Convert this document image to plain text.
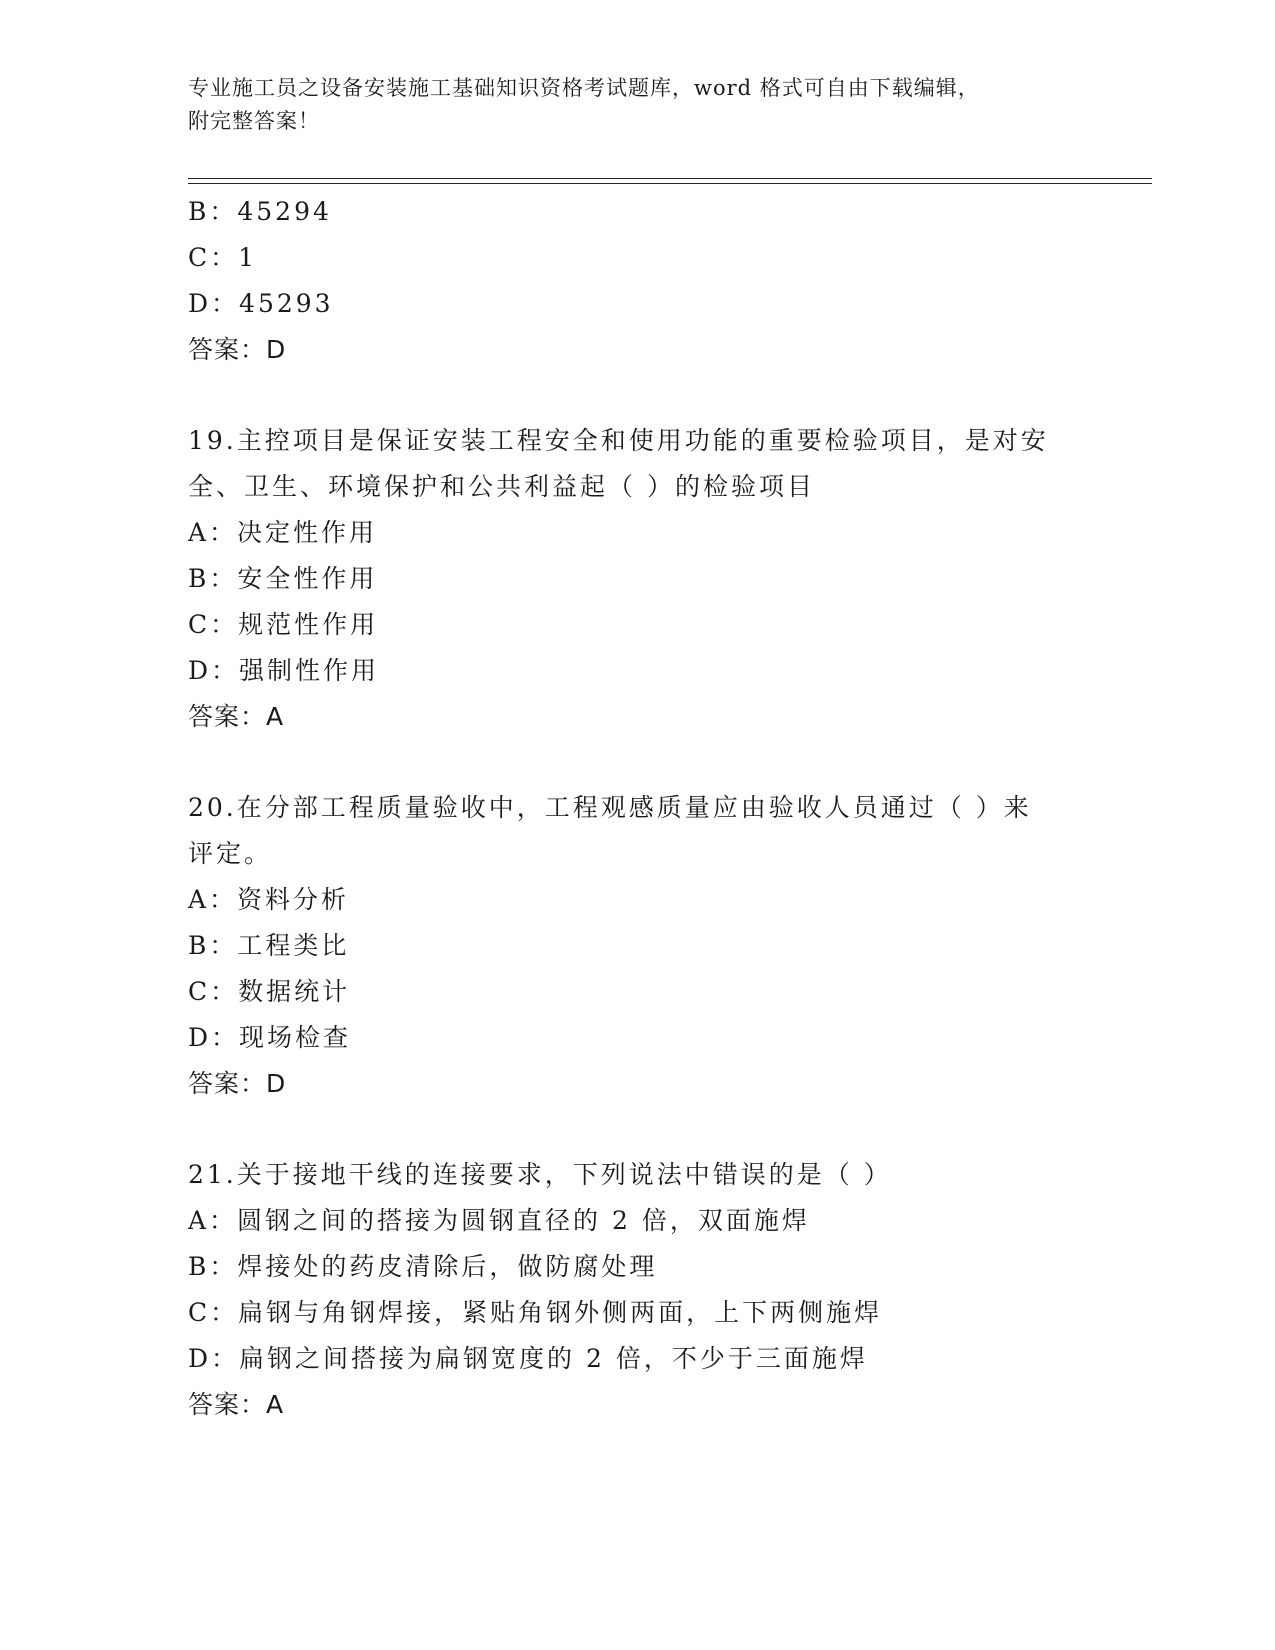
专业施工员之设备安装施工基础知识资格考试题库，word 格式可自由下载编辑，
附完整答案！
B：45294
C：1
D：45293
答案：D
19.主控项目是保证安装工程安全和使用功能的重要检验项目，是对安
全、卫生、环境保护和公共利益起（ ）的检验项目
A：决定性作用
B：安全性作用
C：规范性作用
D：强制性作用
答案：A
20.在分部工程质量验收中，工程观感质量应由验收人员通过（ ）来
评定。
A：资料分析
B：工程类比
C：数据统计
D：现场检查
答案：D
21.关于接地干线的连接要求，下列说法中错误的是（ ）
A：圆钢之间的搭接为圆钢直径的 2 倍，双面施焊
B：焊接处的药皮清除后，做防腐处理
C：扁钢与角钢焊接，紧贴角钢外侧两面，上下两侧施焊
D：扁钢之间搭接为扁钢宽度的 2 倍，不少于三面施焊
答案：A
